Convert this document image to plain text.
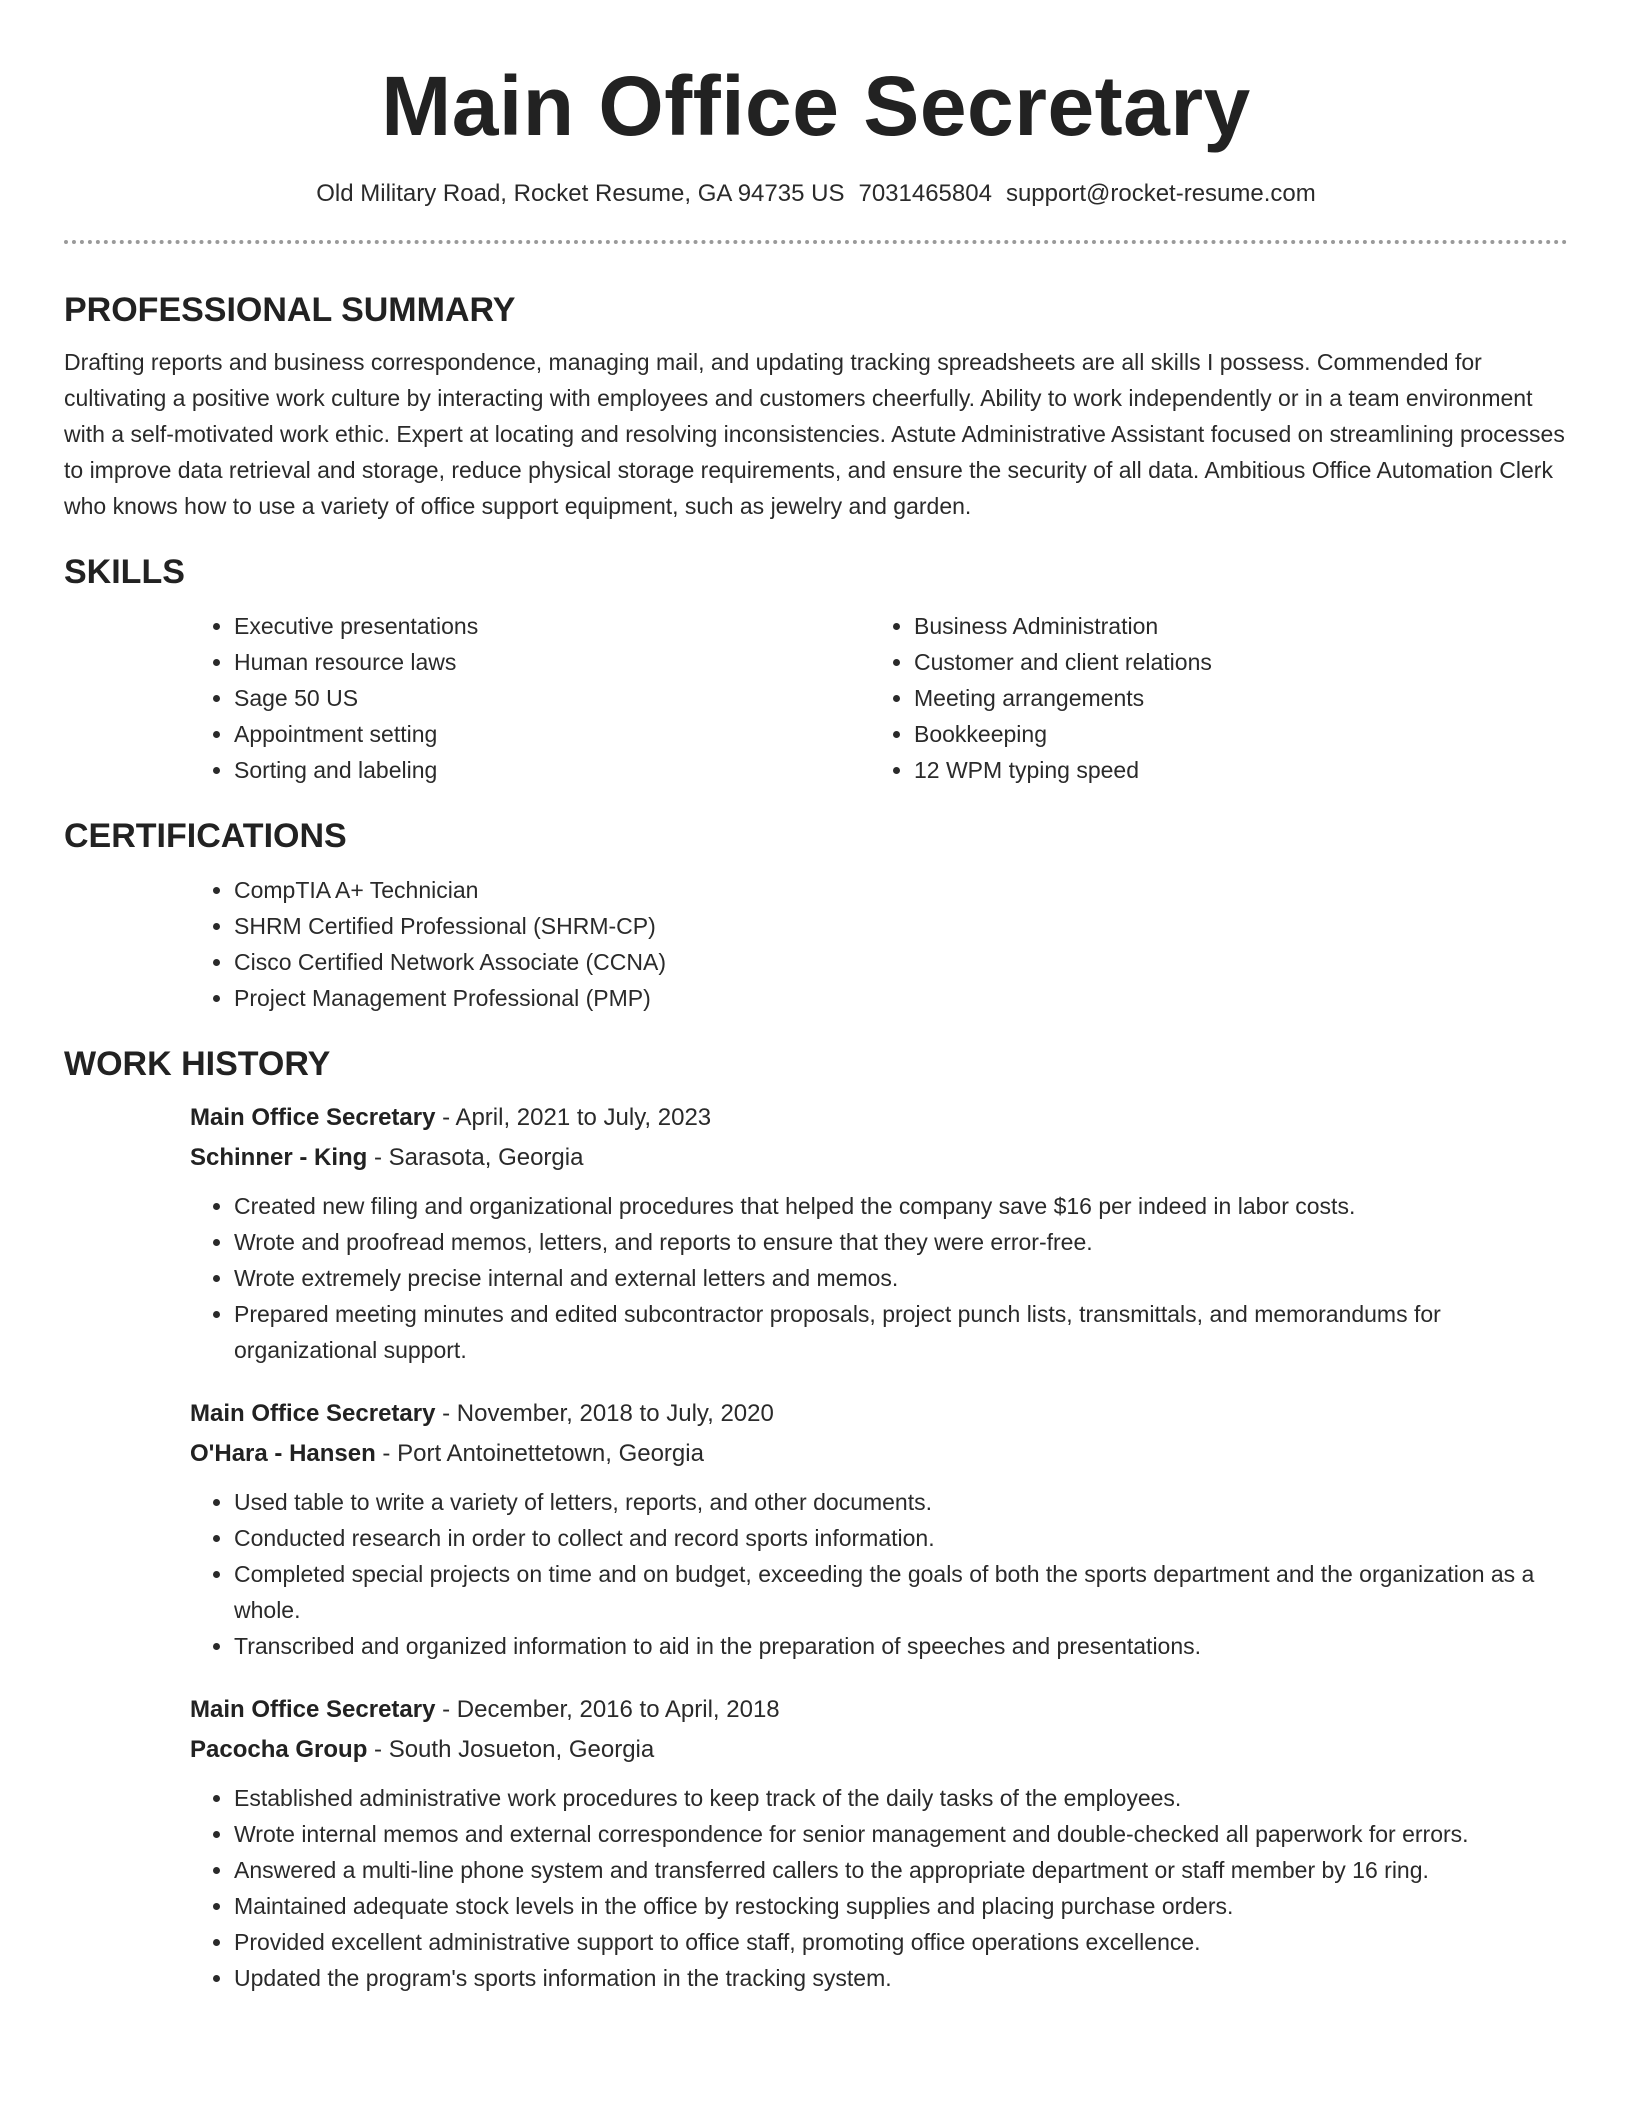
Main Office Secretary
Old Military Road, Rocket Resume, GA 94735 US 7031465804 support@rocket-resume.com
PROFESSIONAL SUMMARY

Drafting reports and business correspondence, managing mail, and updating tracking spreadsheets are all skills I possess. Commended for cultivating a positive work culture by interacting with employees and customers cheerfully. Ability to work independently or in a team environment with a self-motivated work ethic. Expert at locating and resolving inconsistencies. Astute Administrative Assistant focused on streamlining processes to improve data retrieval and storage, reduce physical storage requirements, and ensure the security of all data. Ambitious Office Automation Clerk who knows how to use a variety of office support equipment, such as jewelry and garden.

SKILLS
• Executive presentations
• Human resource laws
• Sage 50 US
• Appointment setting
• Sorting and labeling
• Business Administration
• Customer and client relations
• Meeting arrangements
• Bookkeeping
• 12 WPM typing speed
CERTIFICATIONS
• CompTIA A+ Technician
• SHRM Certified Professional (SHRM-CP)
• Cisco Certified Network Associate (CCNA)
• Project Management Professional (PMP)
WORK HISTORY
Main Office Secretary - April, 2021 to July, 2023
Schinner - King - Sarasota, Georgia
• Created new filing and organizational procedures that helped the company save $16 per indeed in labor costs.
• Wrote and proofread memos, letters, and reports to ensure that they were error-free.
• Wrote extremely precise internal and external letters and memos.
• Prepared meeting minutes and edited subcontractor proposals, project punch lists, transmittals, and memorandums for organizational support.
Main Office Secretary - November, 2018 to July, 2020
O'Hara - Hansen - Port Antoinettetown, Georgia
• Used table to write a variety of letters, reports, and other documents.
• Conducted research in order to collect and record sports information.
• Completed special projects on time and on budget, exceeding the goals of both the sports department and the organization as a whole.
• Transcribed and organized information to aid in the preparation of speeches and presentations.
Main Office Secretary - December, 2016 to April, 2018
Pacocha Group - South Josueton, Georgia
• Established administrative work procedures to keep track of the daily tasks of the employees.
• Wrote internal memos and external correspondence for senior management and double-checked all paperwork for errors.
• Answered a multi-line phone system and transferred callers to the appropriate department or staff member by 16 ring.
• Maintained adequate stock levels in the office by restocking supplies and placing purchase orders.
• Provided excellent administrative support to office staff, promoting office operations excellence.
• Updated the program's sports information in the tracking system.
